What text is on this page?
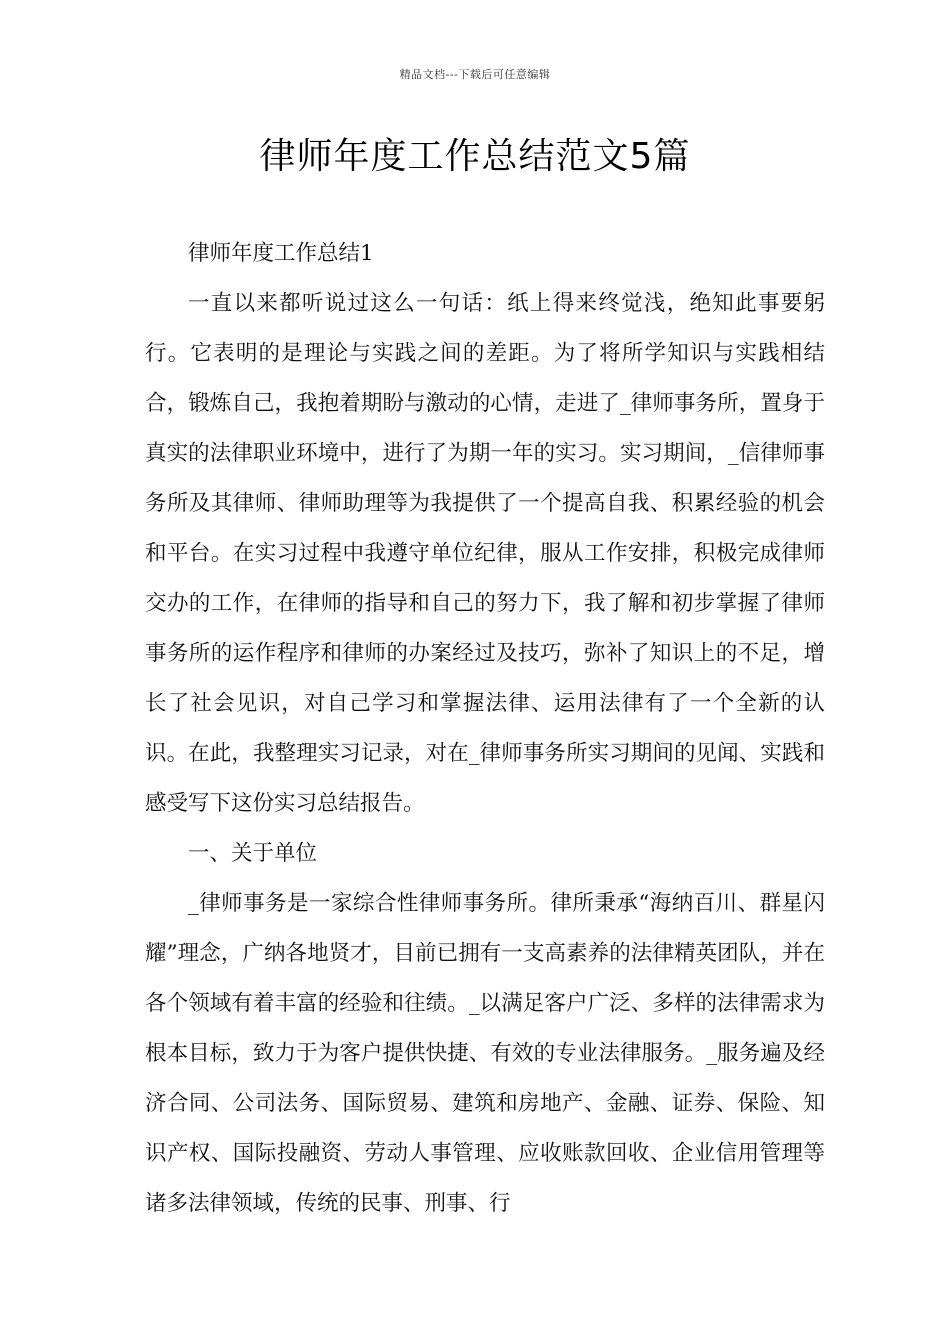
精品文档---下载后可任意编辑
律师年度工作总结范文5篇

律师年度工作总结1

一直以来都听说过这么一句话：纸上得来终觉浅，绝知此事要躬行。它表明的是理论与实践之间的差距。为了将所学知识与实践相结合，锻炼自己，我抱着期盼与激动的心情，走进了_律师事务所，置身于真实的法律职业环境中，进行了为期一年的实习。实习期间，_信律师事务所及其律师、律师助理等为我提供了一个提高自我、积累经验的机会和平台。在实习过程中我遵守单位纪律，服从工作安排，积极完成律师交办的工作，在律师的指导和自己的努力下，我了解和初步掌握了律师事务所的运作程序和律师的办案经过及技巧，弥补了知识上的不足，增长了社会见识，对自己学习和掌握法律、运用法律有了一个全新的认识。在此，我整理实习记录，对在_律师事务所实习期间的见闻、实践和感受写下这份实习总结报告。

一、关于单位

_律师事务是一家综合性律师事务所。律所秉承“海纳百川、群星闪耀”理念，广纳各地贤才，目前已拥有一支高素养的法律精英团队，并在各个领域有着丰富的经验和往绩。_以满足客户广泛、多样的法律需求为根本目标，致力于为客户提供快捷、有效的专业法律服务。_服务遍及经济合同、公司法务、国际贸易、建筑和房地产、金融、证券、保险、知识产权、国际投融资、劳动人事管理、应收账款回收、企业信用管理等诸多法律领域，传统的民事、刑事、行
